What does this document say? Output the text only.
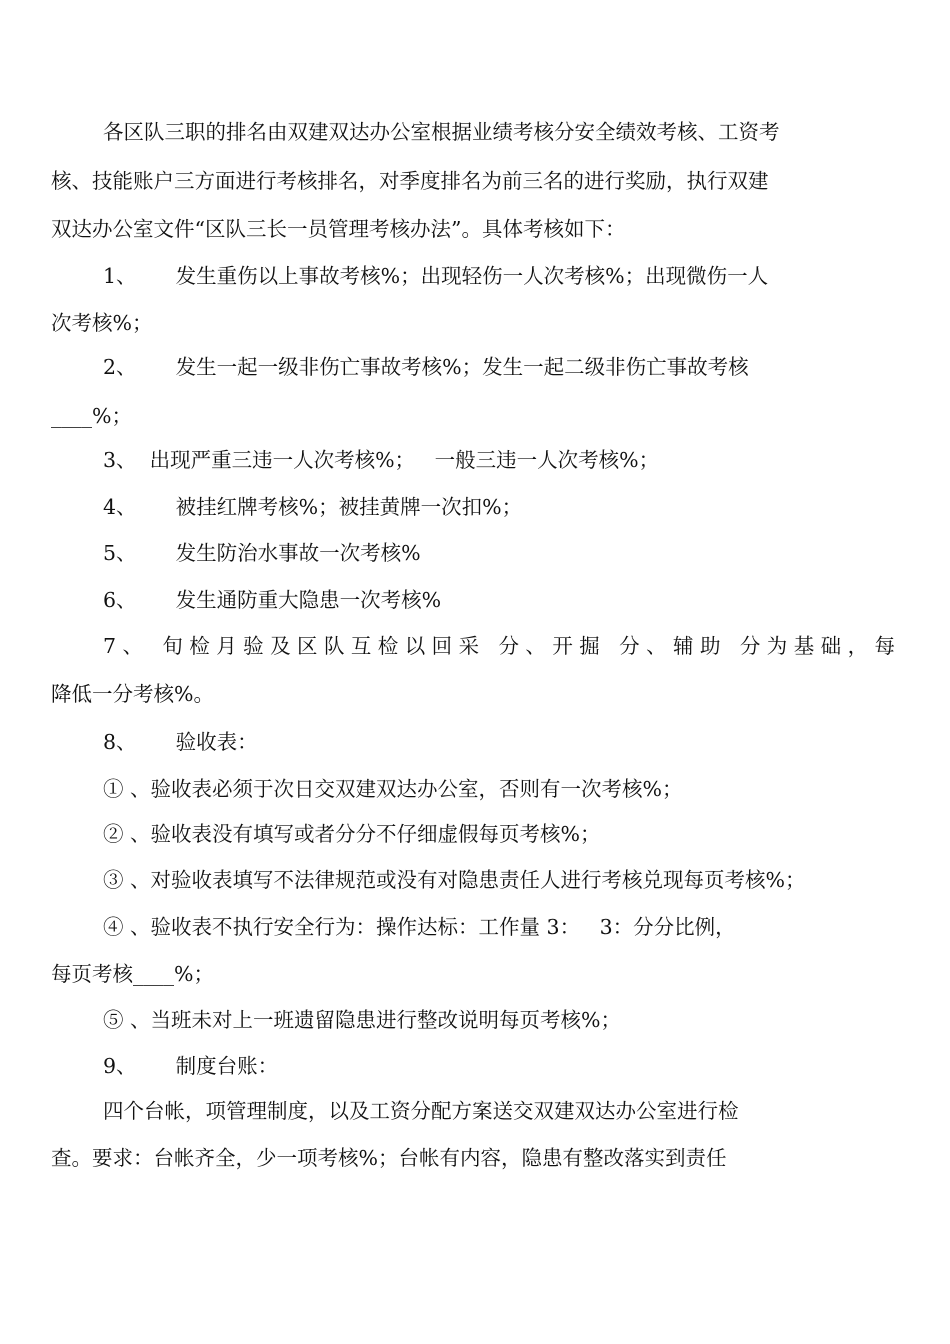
各区队三职的排名由双建双达办公室根据业绩考核分安全绩效考核、工资考
核、技能账户三方面进行考核排名，对季度排名为前三名的进行奖励，执行双建
双达办公室文件“区队三长一员管理考核办法”。具体考核如下：
1、      发生重伤以上事故考核%；出现轻伤一人次考核%；出现微伤一人
次考核%；
2、      发生一起一级非伤亡事故考核%；发生一起二级非伤亡事故考核
____%；
3、  出现严重三违一人次考核%；   一般三违一人次考核%；
4、      被挂红牌考核%；被挂黄牌一次扣%；
5、      发生防治水事故一次考核%
6、      发生通防重大隐患一次考核%
7、 旬检月验及区队互检以回采 分、开掘 分、辅助 分为基础，每
降低一分考核%。
8、      验收表：
① 、验收表必须于次日交双建双达办公室，否则有一次考核%；
② 、验收表没有填写或者分分不仔细虚假每页考核%；
③ 、对验收表填写不法律规范或没有对隐患责任人进行考核兑现每页考核%；
④ 、验收表不执行安全行为：操作达标：工作量 3：   3：分分比例，
每页考核____%；
⑤ 、当班未对上一班遗留隐患进行整改说明每页考核%；
9、      制度台账：
四个台帐，项管理制度，以及工资分配方案送交双建双达办公室进行检
查。要求：台帐齐全，少一项考核%；台帐有内容，隐患有整改落实到责任
